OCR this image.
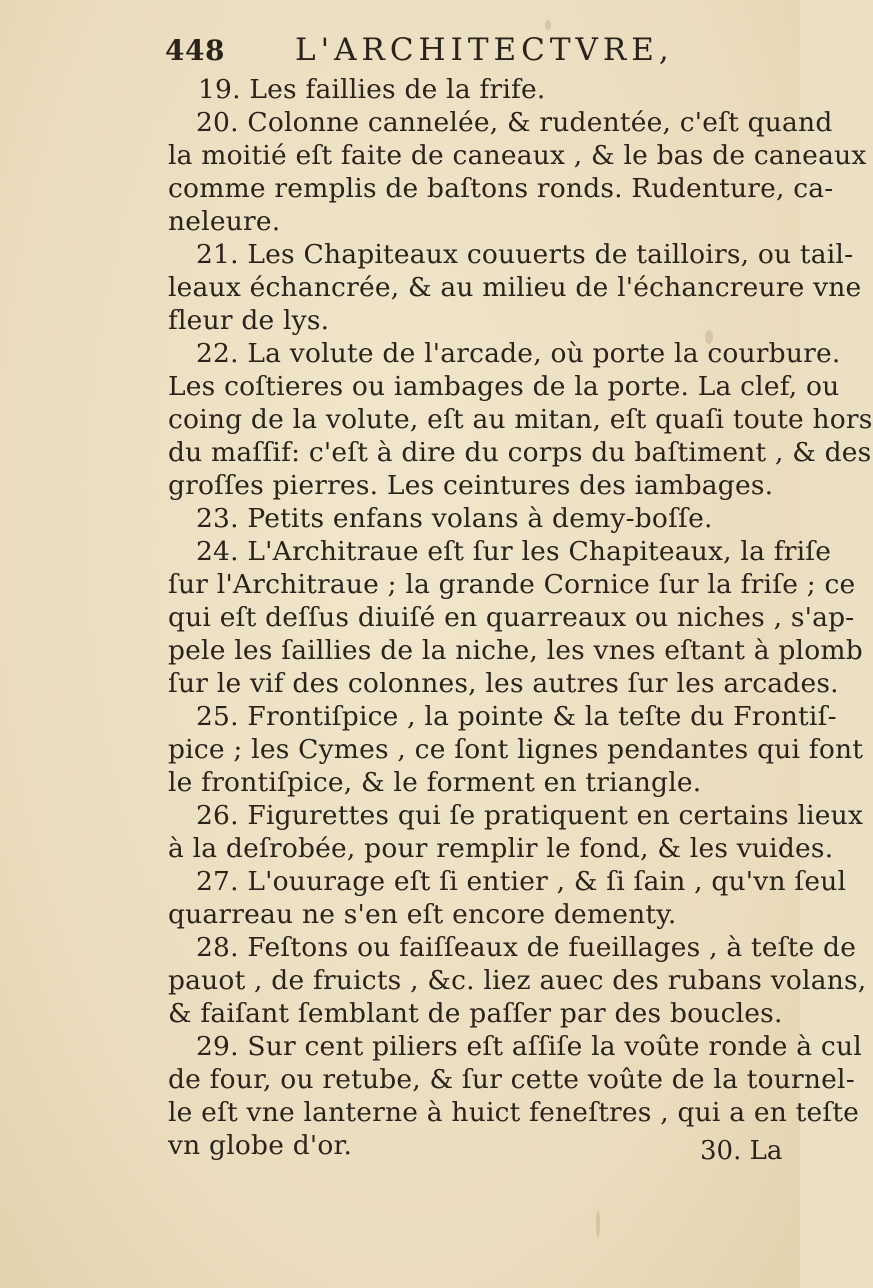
448 L'ARCHITECTVRE,
19. Les faillies de la frife.
20. Colonne cannelée, & rudentée, c'eſt quand
la moitié eſt faite de caneaux , & le bas de caneaux
comme remplis de baſtons ronds. Rudenture, ca-
neleure.
21. Les Chapiteaux couuerts de tailloirs, ou tail-
leaux échancrée, & au milieu de l'échancreure vne
fleur de lys.
22. La volute de l'arcade, où porte la courbure.
Les coſtieres ou iambages de la porte. La clef, ou
coing de la volute, eſt au mitan, eſt quaſi toute hors
du maſſif: c'eſt à dire du corps du baſtiment , & des
groſſes pierres. Les ceintures des iambages.
23. Petits enfans volans à demy-boſſe.
24. L'Architraue eſt ſur les Chapiteaux, la friſe
ſur l'Architraue ; la grande Cornice ſur la friſe ; ce
qui eſt deſſus diuiſé en quarreaux ou niches , s'ap-
pele les ſaillies de la niche, les vnes eſtant à plomb
ſur le vif des colonnes, les autres ſur les arcades.
25. Frontiſpice , la pointe & la teſte du Frontiſ-
pice ; les Cymes , ce ſont lignes pendantes qui font
le frontiſpice, & le forment en triangle.
26. Figurettes qui ſe pratiquent en certains lieux
à la deſrobée, pour remplir le fond, & les vuides.
27. L'ouurage eſt ſi entier , & ſi ſain , qu'vn ſeul
quarreau ne s'en eſt encore dementy.
28. Feſtons ou faiſſeaux de fueillages , à teſte de
pauot , de fruicts , &c. liez auec des rubans volans,
& faiſant ſemblant de paſſer par des boucles.
29. Sur cent piliers eſt aſſiſe la voûte ronde à cul
de four, ou retube, & ſur cette voûte de la tournel-
le eſt vne lanterne à huict feneſtres , qui a en teſte
vn globe d'or.	30. La
